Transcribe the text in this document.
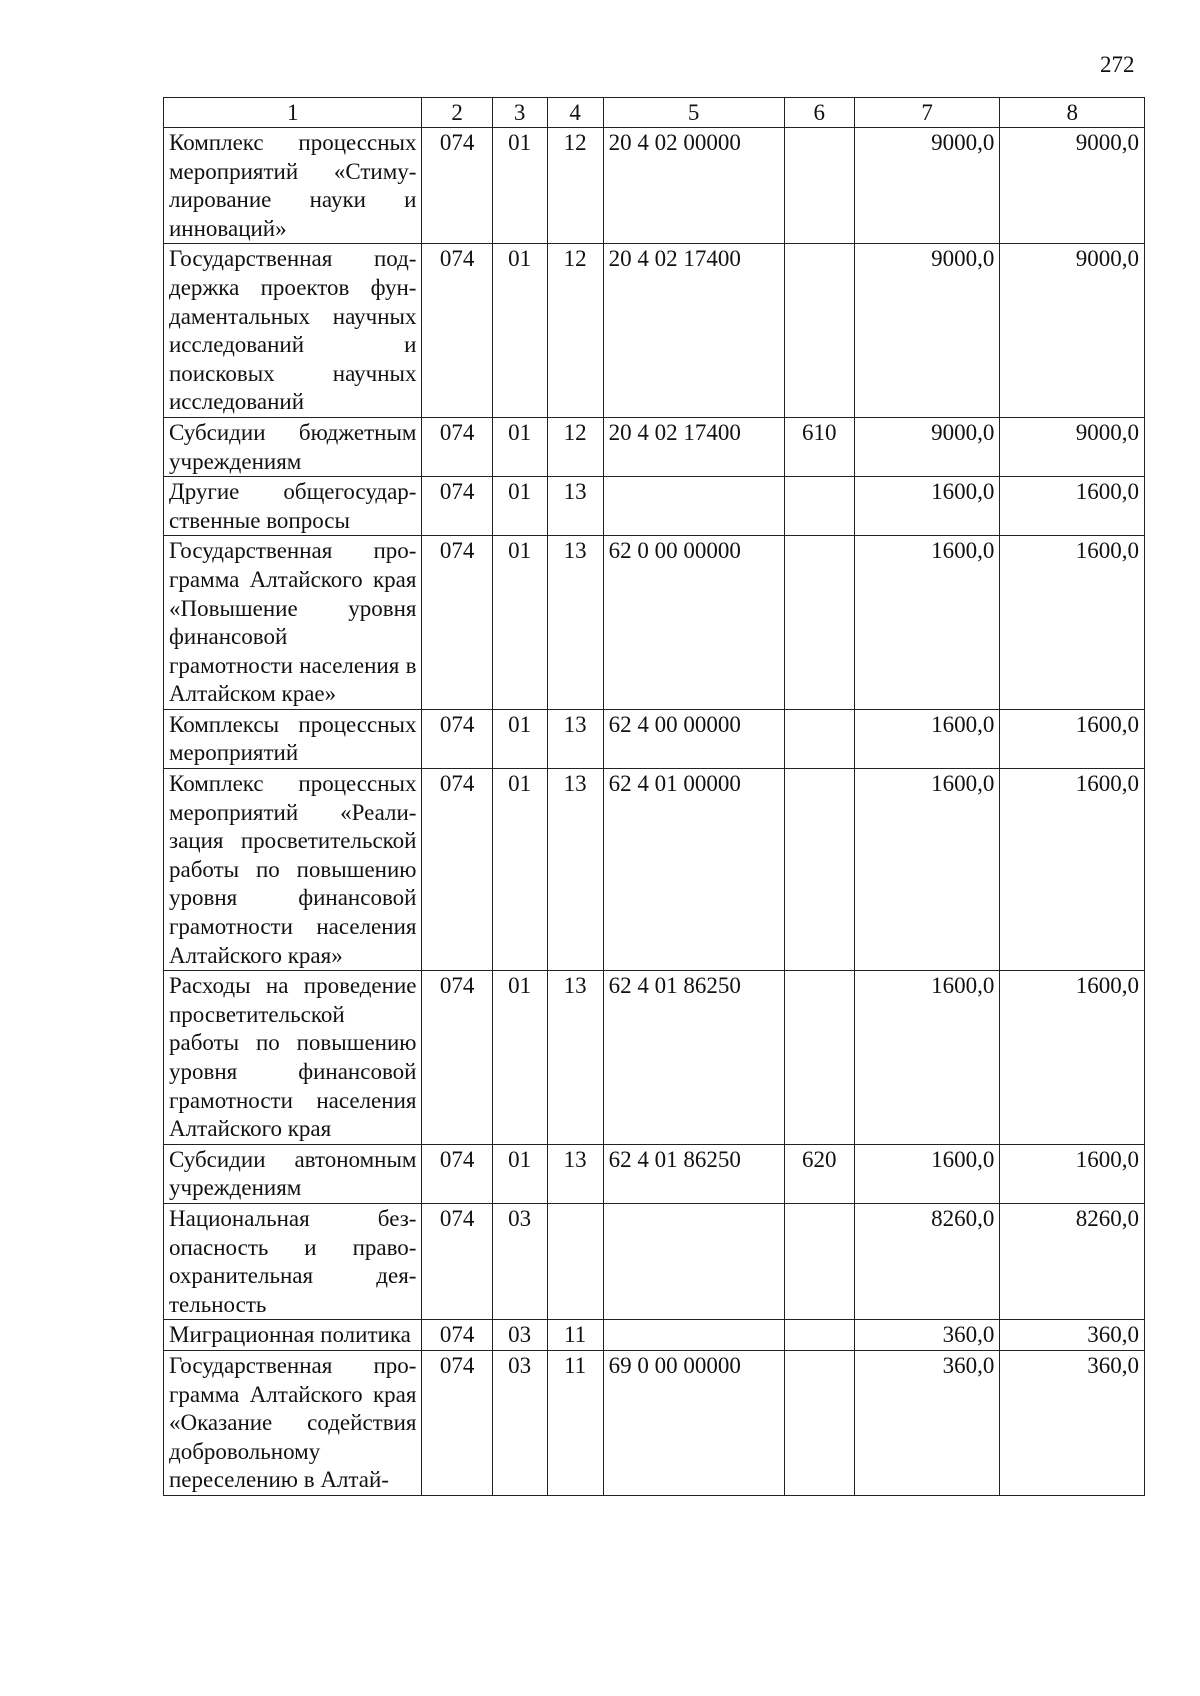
272
1	2	3	4	5	6	7	8
Комплекс процессных мероприятий «Стимулирование науки и инноваций»	074	01	12	20 4 02 00000		9000,0	9000,0
Государственная поддержка проектов фундаментальных научных исследований и поисковых научных исследований	074	01	12	20 4 02 17400		9000,0	9000,0
Субсидии бюджетным учреждениям	074	01	12	20 4 02 17400	610	9000,0	9000,0
Другие общегосударственные вопросы	074	01	13			1600,0	1600,0
Государственная программа Алтайского края «Повышение уровня финансовой грамотности населения в Алтайском крае»	074	01	13	62 0 00 00000		1600,0	1600,0
Комплексы процессных мероприятий	074	01	13	62 4 00 00000		1600,0	1600,0
Комплекс процессных мероприятий «Реализация просветительской работы по повышению уровня финансовой грамотности населения Алтайского края»	074	01	13	62 4 01 00000		1600,0	1600,0
Расходы на проведение просветительской работы по повышению уровня финансовой грамотности населения Алтайского края	074	01	13	62 4 01 86250		1600,0	1600,0
Субсидии автономным учреждениям	074	01	13	62 4 01 86250	620	1600,0	1600,0
Национальная безопасность и правоохранительная деятельность	074	03				8260,0	8260,0
Миграционная политика	074	03	11			360,0	360,0
Государственная программа Алтайского края «Оказание содействия добровольному переселению в Алтай-	074	03	11	69 0 00 00000		360,0	360,0
